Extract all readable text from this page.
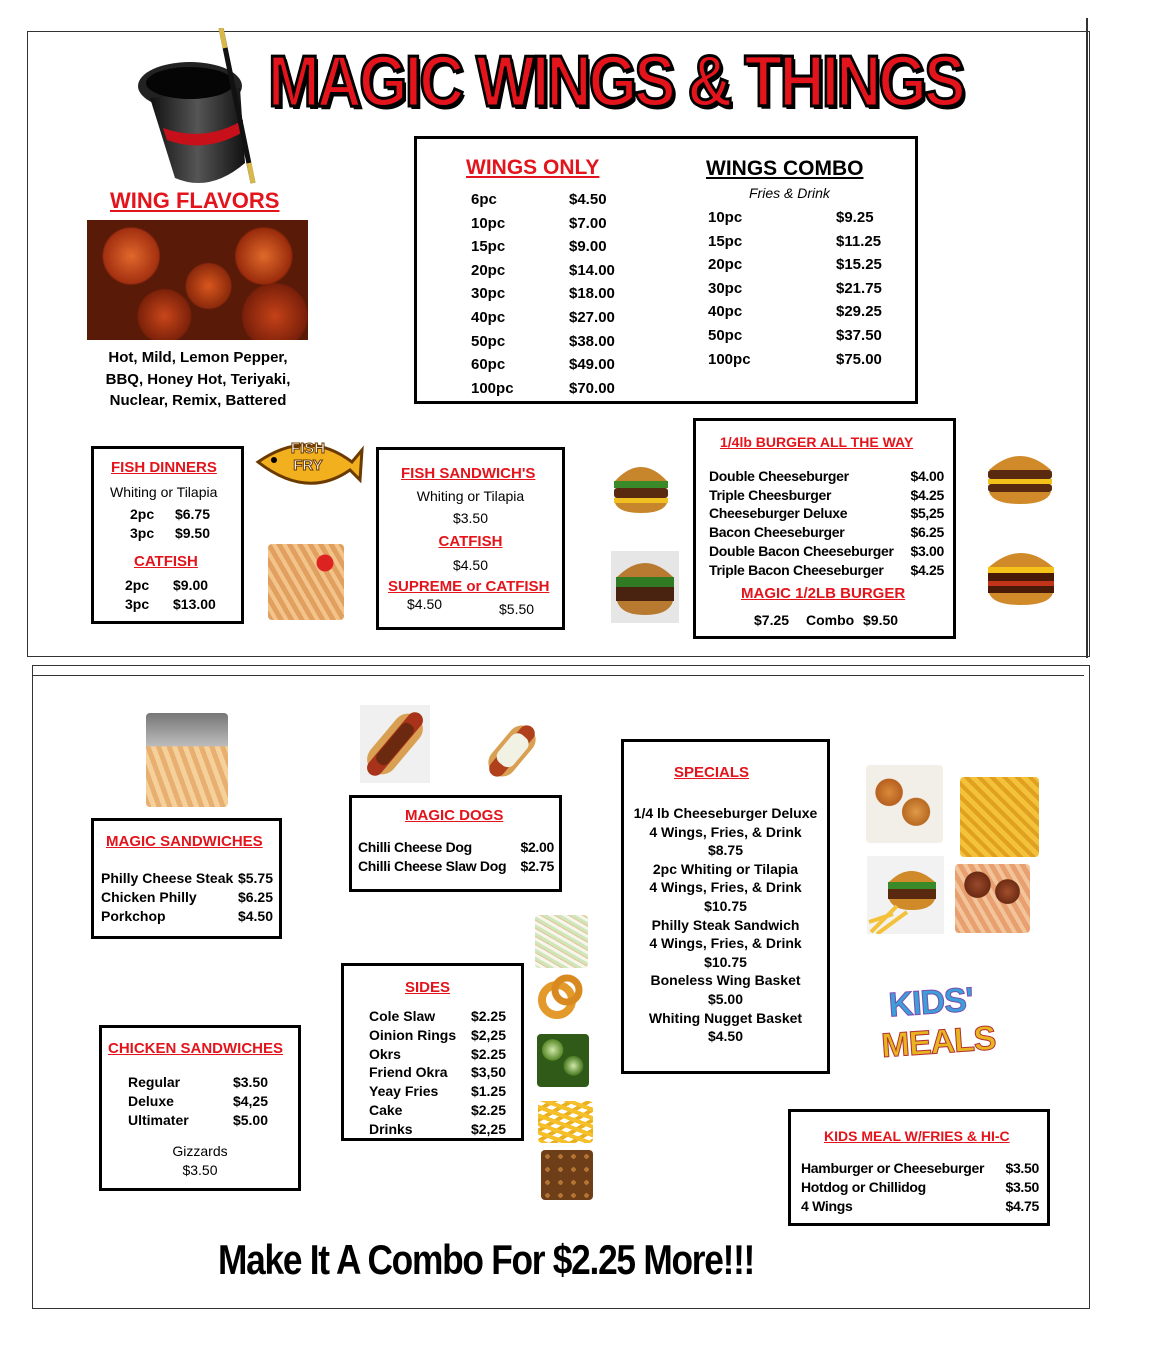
MAGIC WINGS & THINGS
WING FLAVORS
Hot, Mild, Lemon Pepper,
BBQ, Honey Hot, Teriyaki,
Nuclear, Remix, Battered
WINGS ONLY
6pc	$4.50
10pc	$7.00
15pc	$9.00
20pc	$14.00
30pc	$18.00
40pc	$27.00
50pc	$38.00
60pc	$49.00
100pc	$70.00
WINGS COMBO
Fries & Drink
10pc	$9.25
15pc	$11.25
20pc	$15.25
30pc	$21.75
40pc	$29.25
50pc	$37.50
100pc	$75.00
FISH DINNERS
Whiting or Tilapia
2pc $6.75
3pc $9.50
CATFISH
2pc $9.00
3pc $13.00
FISH FRY	FISH SANDWICH'S
Whiting or Tilapia
$3.50
CATFISH
$4.50
SUPREME or CATFISH
$4.50	$5.50
1/4lb BURGER ALL THE WAY
Double Cheeseburger	$4.00
Triple Cheesburger	$4.25
Cheeseburger Deluxe	$5,25
Bacon Cheeseburger	$6.25
Double Bacon Cheeseburger $3.00
Triple Bacon Cheeseburger $4.25
MAGIC 1/2LB BURGER
$7.25 Combo $9.50
MAGIC SANDWICHES
Philly Cheese Steak $5.75
Chicken Philly	$6.25
Porkchop	$4.50
MAGIC DOGS
Chilli Cheese Dog	$2.00
Chilli Cheese Slaw Dog $2.75
SPECIALS
1/4 lb Cheeseburger Deluxe
4 Wings, Fries, & Drink
$8.75
2pc Whiting or Tilapia
4 Wings, Fries, & Drink
$10.75
Philly Steak Sandwich
4 Wings, Fries, & Drink
$10.75
Boneless Wing Basket
$5.00
Whiting Nugget Basket
$4.50
SIDES
Cole Slaw	$2.25
Oinion Rings $2,25
Okrs	$2.25
Friend Okra $3,50
Yeay Fries $1.25
Cake	$2.25
Drinks	$2,25
CHICKEN SANDWICHES
Regular	$3.50
Deluxe	$4,25
Ultimater	$5.00
Gizzards
$3.50
KIDS'
MEALS
KIDS MEAL W/FRIES & HI-C
Hamburger or Cheeseburger $3.50
Hotdog or Chillidog	$3.50
4 Wings	$4.75
Make It A Combo For $2.25 More!!!
